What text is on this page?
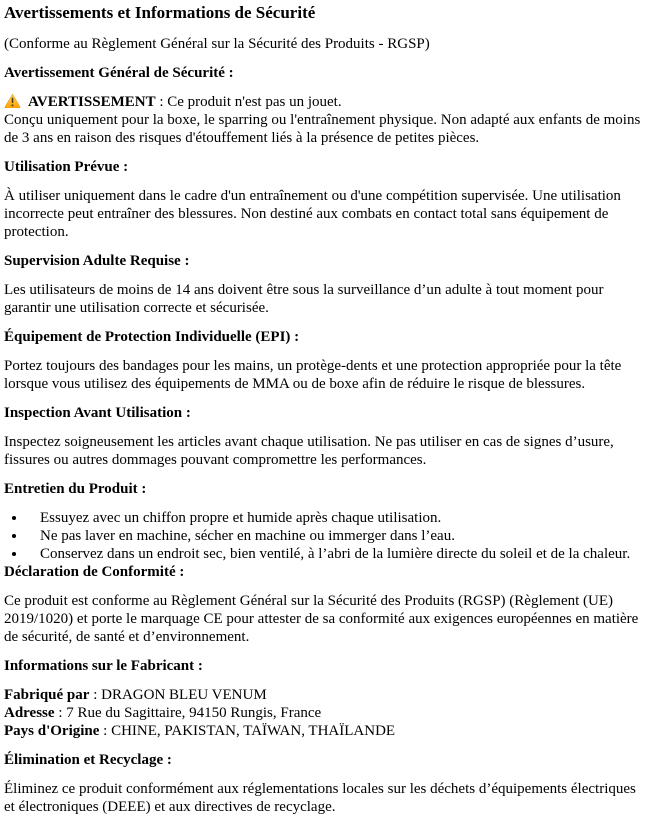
Avertissements et Informations de Sécurité

(Conforme au Règlement Général sur la Sécurité des Produits - RGSP)

Avertissement Général de Sécurité :

AVERTISSEMENT : Ce produit n'est pas un jouet.
Conçu uniquement pour la boxe, le sparring ou l'entraînement physique. Non adapté aux enfants de moins de 3 ans en raison des risques d'étouffement liés à la présence de petites pièces.

Utilisation Prévue :

À utiliser uniquement dans le cadre d'un entraînement ou d'une compétition supervisée. Une utilisation incorrecte peut entraîner des blessures. Non destiné aux combats en contact total sans équipement de protection.

Supervision Adulte Requise :

Les utilisateurs de moins de 14 ans doivent être sous la surveillance d’un adulte à tout moment pour garantir une utilisation correcte et sécurisée.

Équipement de Protection Individuelle (EPI) :

Portez toujours des bandages pour les mains, un protège-dents et une protection appropriée pour la tête lorsque vous utilisez des équipements de MMA ou de boxe afin de réduire le risque de blessures.

Inspection Avant Utilisation :

Inspectez soigneusement les articles avant chaque utilisation. Ne pas utiliser en cas de signes d’usure, fissures ou autres dommages pouvant compromettre les performances.

Entretien du Produit :

• Essuyez avec un chiffon propre et humide après chaque utilisation.
• Ne pas laver en machine, sécher en machine ou immerger dans l’eau.
• Conservez dans un endroit sec, bien ventilé, à l’abri de la lumière directe du soleil et de la chaleur.

Déclaration de Conformité :

Ce produit est conforme au Règlement Général sur la Sécurité des Produits (RGSP) (Règlement (UE) 2019/1020) et porte le marquage CE pour attester de sa conformité aux exigences européennes en matière de sécurité, de santé et d’environnement.

Informations sur le Fabricant :

Fabriqué par : DRAGON BLEU VENUM
Adresse : 7 Rue du Sagittaire, 94150 Rungis, France
Pays d'Origine : CHINE, PAKISTAN, TAÏWAN, THAÏLANDE

Élimination et Recyclage :

Éliminez ce produit conformément aux réglementations locales sur les déchets d’équipements électriques et électroniques (DEEE) et aux directives de recyclage.
